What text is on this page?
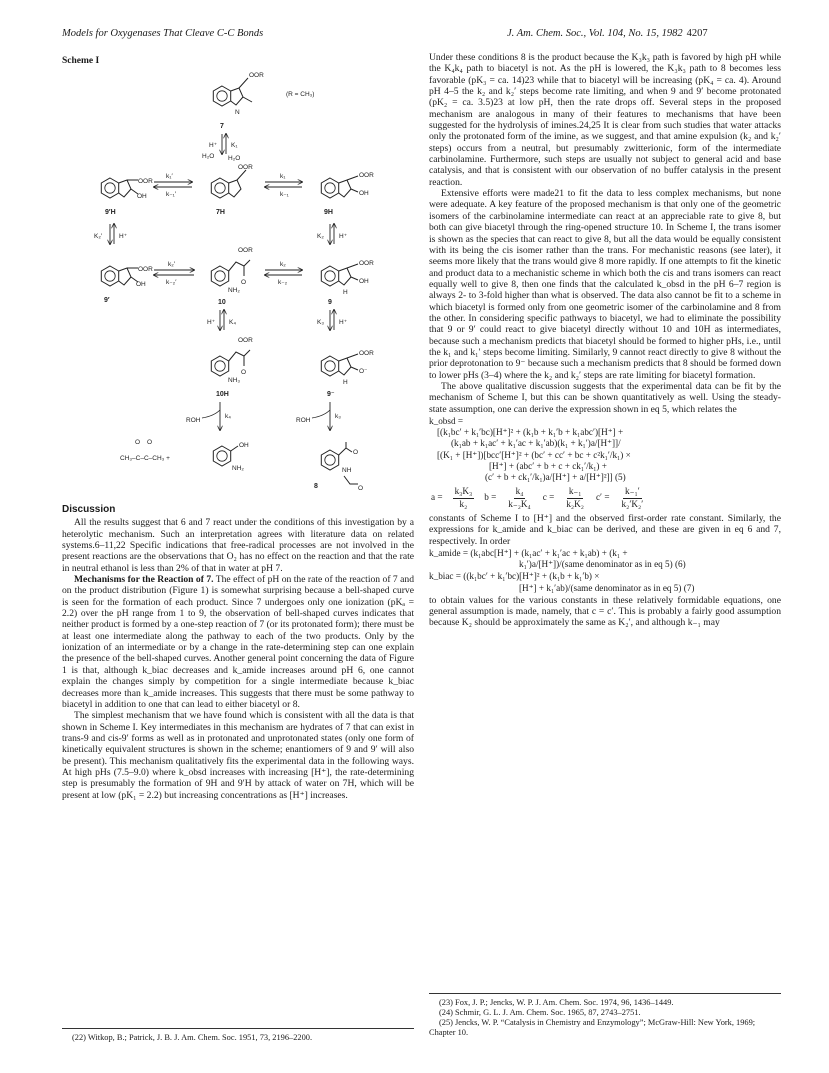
Models for Oxygenases That Cleave C-C Bonds	J. Am. Chem. Soc., Vol. 104, No. 15, 1982 4207
Scheme I
OOR
N
(R = CH₃)
7
H⁺ K₁
OOR
OH
9′H
H₂O
k₁′
k₋₁′
OOR
H₂O
7H
k₁
k₋₁
OOR
OH
9H
K₂′	H⁺	K₂ H⁺
OOR
OH
9′
k₂′
k₋₂′
OOR
O
NH₂
10
k₂
k₋₂
OOR
OH
H
9
H⁺ K₄	K₃ H⁺
OOR
O
NH₃
10H
OOR
O⁻
H
9⁻
ROH
k₄
ROH
k₃
O O
CH₃–C–C–CH₃ +
OH
NH₂
O
NH
O
8
Discussion

All the results suggest that 6 and 7 react under the conditions of this investigation by a heterolytic mechanism. Such an interpretation agrees with literature data on related systems.6–11,22 Specific indications that free-radical processes are not involved in the present reactions are the observations that O₂ has no effect on the reaction and that the rate in neutral ethanol is less than 2% of that in water at pH 7.

Mechanisms for the Reaction of 7. The effect of pH on the rate of the reaction of 7 and on the product distribution (Figure 1) is somewhat surprising because a bell-shaped curve is seen for the formation of each product. Since 7 undergoes only one ionization (pKₐ = 2.2) over the pH range from 1 to 9, the observation of bell-shaped curves indicates that neither product is formed by a one-step reaction of 7 (or its protonated form); there must be at least one intermediate along the pathway to each of the two products. Only by the ionization of an intermediate or by a change in the rate-determining step can one explain the presence of the bell-shaped curves. Another general point concerning the data of Figure 1 is that, although k_biac decreases and k_amide increases around pH 6, one cannot explain the changes simply by competition for a single intermediate because k_biac decreases more than k_amide increases. This suggests that there must be some pathway to biacetyl in addition to one that can lead to either biacetyl or 8.

The simplest mechanism that we have found which is consistent with all the data is that shown in Scheme I. Key intermediates in this mechanism are hydrates of 7 that can exist in trans-9 and cis-9′ forms as well as in protonated and unprotonated states (only one form of kinetically equivalent structures is shown in the scheme; enantiomers of 9 and 9′ will also be present). This mechanism qualitatively fits the experimental data in the following ways. At high pHs (7.5–9.0) where k_obsd increases with increasing [H⁺], the rate-determining step is presumably the formation of 9H and 9′H by attack of water on 7H, which will be present at low (pK₁ = 2.2) but increasing concentrations as [H⁺] increases.

(22) Witkop, B.; Patrick, J. B. J. Am. Chem. Soc. 1951, 73, 2196–2200.

Under these conditions 8 is the product because the K₃k₃ path is favored by high pH while the K₄k₄ path to biacetyl is not. As the pH is lowered, the K₃k₃ path to 8 becomes less favorable (pK₃ = ca. 14)23 while that to biacetyl will be increasing (pK₄ = ca. 4). Around pH 4–5 the k₂ and k₂′ steps become rate limiting, and when 9 and 9′ become protonated (pK₂ = ca. 3.5)23 at low pH, then the rate drops off. Several steps in the proposed mechanism are analogous in many of their features to mechanisms that have been suggested for the hydrolysis of imines.24,25 It is clear from such studies that water attacks only the protonated form of the imine, as we suggest, and that amine expulsion (k₂ and k₂′ steps) occurs from a neutral, but presumably zwitterionic, form of the intermediate carbinolamine. Furthermore, such steps are usually not subject to general acid and base catalysis, and that is consistent with our observation of no buffer catalysis in the present reaction.

Extensive efforts were made21 to fit the data to less complex mechanisms, but none were adequate. A key feature of the proposed mechanism is that only one of the geometric isomers of the carbinolamine intermediate can react at an appreciable rate to give 8, but both can give biacetyl through the ring-opened structure 10. In Scheme I, the trans isomer is shown as the species that can react to give 8, but all the data would be equally consistent with its being the cis isomer rather than the trans. For mechanistic reasons (see later), it seems more likely that the trans would give 8 more rapidly. If one attempts to fit the kinetic and product data to a mechanistic scheme in which both the cis and trans isomers can react equally well to give 8, then one finds that the calculated k_obsd in the pH 6–7 region is always 2- to 3-fold higher than what is observed. The data also cannot be fit to a scheme in which biacetyl is formed only from one geometric isomer of the carbinolamine and 8 from the other. In considering specific pathways to biacetyl, we had to eliminate the possibility that 9 or 9′ could react to give biacetyl directly without 10 and 10H as intermediates, because such a mechanism predicts that biacetyl should be formed to higher pHs, i.e., until the k₁ and k₁′ steps become limiting. Similarly, 9 cannot react directly to give 8 without the prior deprotonation to 9⁻ because such a mechanism predicts that 8 should be formed down to lower pHs (3–4) where the k₂ and k₂′ steps are rate limiting for biacetyl formation.

The above qualitative discussion suggests that the experimental data can be fit by the mechanism of Scheme I, but this can be shown quantitatively as well. Using the steady-state assumption, one can derive the expression shown in eq 5, which relates the

k_obsd =
[(k₁bc′ + k₁′bc)[H⁺]² + (k₁b + k₁′b + k₁abc′)[H⁺] +
(k₁ab + k₁ac′ + k₁′ac + k₁′ab)(k₁ + k₁′)a/[H⁺]]/
[(K₁ + [H⁺])[bcc′[H⁺]² + (bc′ + cc′ + bc + c²k₁′/k₁) ×
[H⁺] + (abc′ + b + c + ck₁′/k₁) +
(c′ + b + ck₁′/k₁)a/[H⁺] + a/[H⁺]²]] (5)
$a = \frac{\text{k₃K₃}}{\text{k₂}}$ $b = \frac{\text{k₄}}{\text{k₋₂K₄}}$ $c = \frac{\text{k₋₁}}{\text{k₂K₂}} c' = \frac{\text{k₋₁′}}{\text{k₂′K₂′}}$

constants of Scheme I to [H⁺] and the observed first-order rate constant. Similarly, the expressions for k_amide and k_biac can be derived, and these are given in eq 6 and 7, respectively. In order

k_amide = (k₁abc[H⁺] + (k₁ac′ + k₁′ac + k₁ab) + (k₁ +
k₁′)a/[H⁺])/(same denominator as in eq 5) (6)
k_biac = ((k₁bc′ + k₁′bc)[H⁺]² + (k₁b + k₁′b) ×
[H⁺] + k₁′ab)/(same denominator as in eq 5) (7)

to obtain values for the various constants in these relatively formidable equations, one general assumption is made, namely, that c = c′. This is probably a fairly good assumption because K₂ should be approximately the same as K₂′, and although k₋₁ may

(23) Fox, J. P.; Jencks, W. P. J. Am. Chem. Soc. 1974, 96, 1436–1449.

(24) Schmir, G. L. J. Am. Chem. Soc. 1965, 87, 2743–2751.

(25) Jencks, W. P. “Catalysis in Chemistry and Enzymology”; McGraw-Hill: New York, 1969; Chapter 10.
